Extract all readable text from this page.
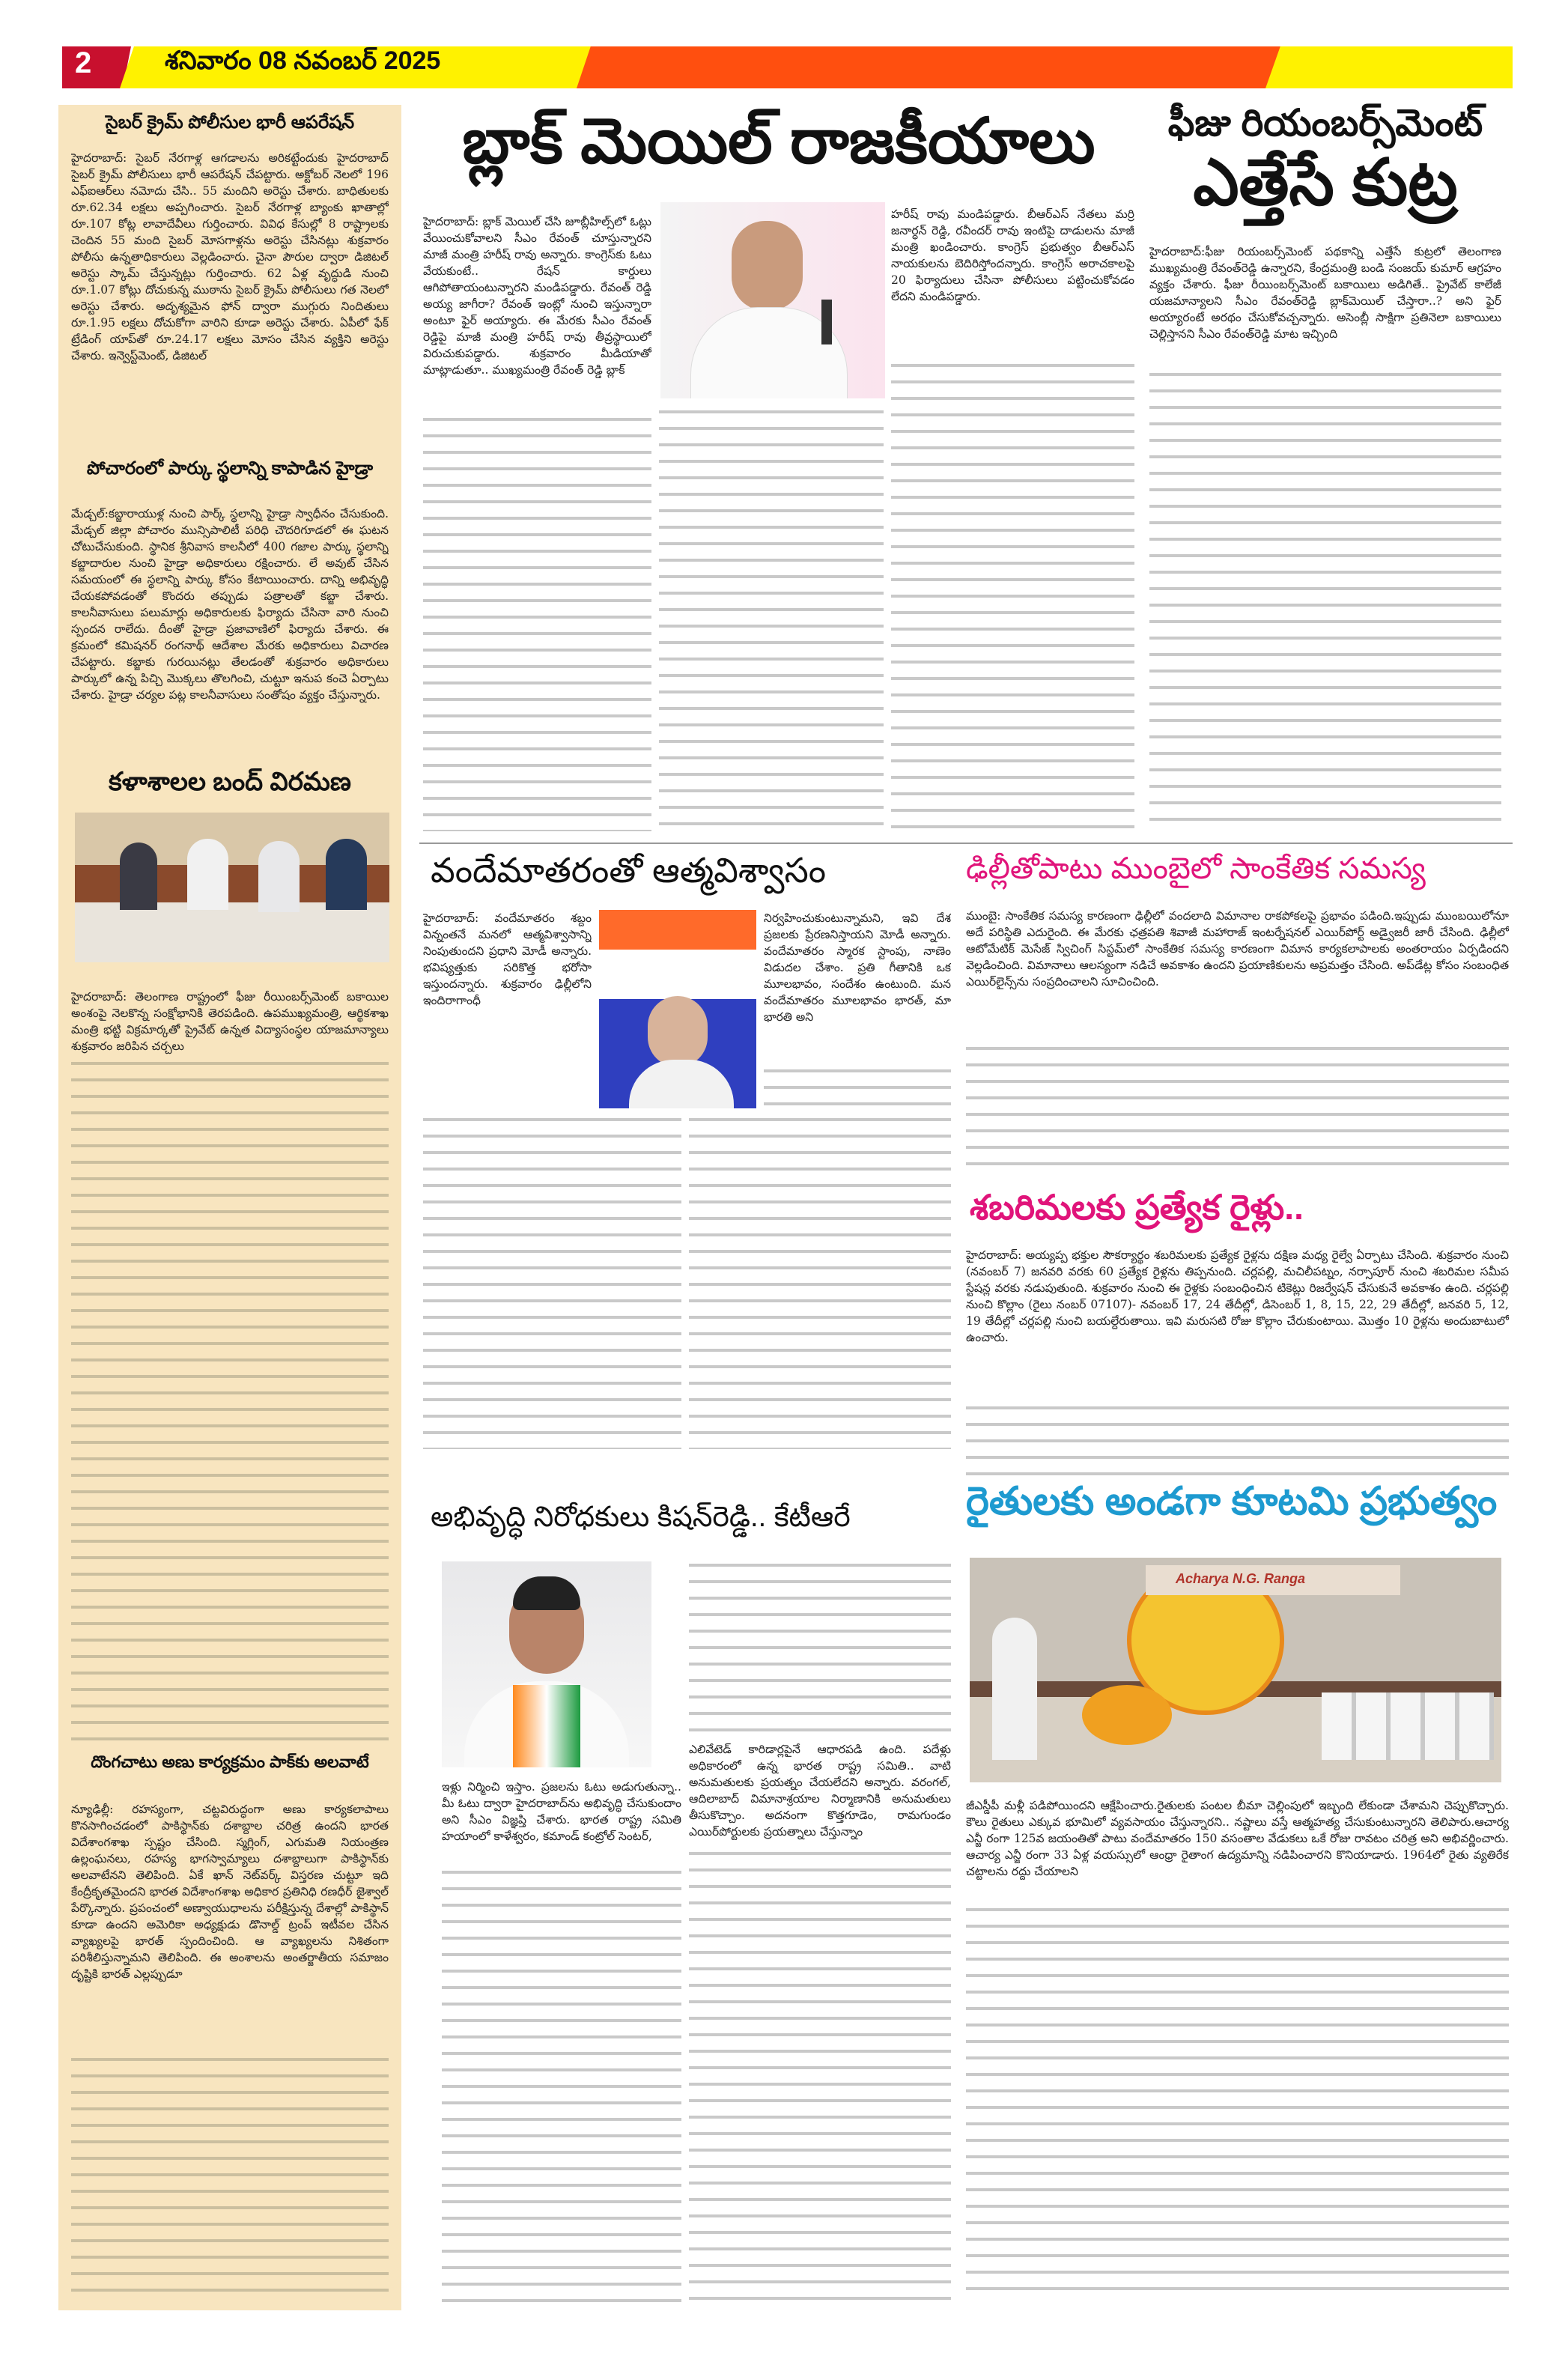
2	శనివారం 08 నవంబర్ 2025
సైబర్ క్రైమ్ పోలీసుల భారీ ఆపరేషన్
హైదరాబాద్: సైబర్ నేరగాళ్ల ఆగడాలను అరికట్టేందుకు హైదరాబాద్ సైబర్ క్రైమ్ పోలీసులు భారీ ఆపరేషన్ చేపట్టారు. అక్టోబర్ నెలలో 196 ఎఫ్ఐఆర్‌లు నమోదు చేసి.. 55 మందిని అరెస్టు చేశారు. బాధితులకు రూ.62.34 లక్షలు అప్పగించారు. సైబర్ నేరగాళ్ల బ్యాంకు ఖాతాల్లో రూ.107 కోట్ల లావాదేవీలు గుర్తించారు. వివిధ కేసుల్లో 8 రాష్ట్రాలకు చెందిన 55 మంది సైబర్ మోసగాళ్లను అరెస్టు చేసినట్లు శుక్రవారం పోలీసు ఉన్నతాధికారులు వెల్లడించారు. చైనా పౌరుల ద్వారా డిజిటల్ అరెస్టు స్కామ్ చేస్తున్నట్లు గుర్తించారు. 62 ఏళ్ల వృద్ధుడి నుంచి రూ.1.07 కోట్లు దోచుకున్న ముఠాను సైబర్ క్రైమ్ పోలీసులు గత నెలలో అరెస్టు చేశారు. అదృశ్యమైన ఫోన్ ద్వారా ముగ్గురు నిందితులు రూ.1.95 లక్షలు దోచుకోగా వారిని కూడా అరెస్టు చేశారు. ఏపీలో ఫేక్ ట్రేడింగ్ యాప్‌తో రూ.24.17 లక్షలు మోసం చేసిన వ్యక్తిని అరెస్టు చేశారు. ఇన్వెస్ట్‌మెంట్, డిజిటల్
పోచారంలో పార్కు స్థలాన్ని కాపాడిన హైడ్రా
మేడ్చల్:కబ్జారాయుళ్ల నుంచి పార్క్ స్థలాన్ని హైడ్రా స్వాధీనం చేసుకుంది. మేడ్చల్ జిల్లా పోచారం మున్సిపాలిటీ పరిధి చౌదరిగూడలో ఈ ఘటన చోటుచేసుకుంది. స్థానిక శ్రీనివాస కాలనీలో 400 గజాల పార్కు స్థలాన్ని కబ్జాదారుల నుంచి హైడ్రా అధికారులు రక్షించారు. లే అవుట్ చేసిన సమయంలో ఈ స్థలాన్ని పార్కు కోసం కేటాయించారు. దాన్ని అభివృద్ధి చేయకపోవడంతో కొందరు తప్పుడు పత్రాలతో కబ్జా చేశారు. కాలనీవాసులు పలుమార్లు అధికారులకు ఫిర్యాదు చేసినా వారి నుంచి స్పందన రాలేదు. దీంతో హైడ్రా ప్రజావాణిలో ఫిర్యాదు చేశారు. ఈ క్రమంలో కమిషనర్ రంగనాథ్ ఆదేశాల మేరకు అధికారులు విచారణ చేపట్టారు. కబ్జాకు గురయినట్లు తేలడంతో శుక్రవారం అధికారులు పార్కులో ఉన్న పిచ్చి మొక్కలు తొలగించి, చుట్టూ ఇనుప కంచె ఏర్పాటు చేశారు. హైడ్రా చర్యల పట్ల కాలనీవాసులు సంతోషం వ్యక్తం చేస్తున్నారు.
కళాశాలల బంద్ విరమణ
హైదరాబాద్: తెలంగాణ రాష్ట్రంలో ఫీజు రీయింబర్స్‌మెంట్ బకాయిల అంశంపై నెలకొన్న సంక్షోభానికి తెరపడింది. ఉపముఖ్యమంత్రి, ఆర్థికశాఖ మంత్రి భట్టి విక్రమార్కతో ప్రైవేట్ ఉన్నత విద్యాసంస్థల యాజమాన్యాలు శుక్రవారం జరిపిన చర్చలు
దొంగచాటు అణు కార్యక్రమం పాక్‌కు అలవాటే
న్యూఢిల్లీ: రహస్యంగా, చట్టవిరుద్ధంగా అణు కార్యకలాపాలు కొనసాగించడంలో పాకిస్థాన్‌కు దశాబ్దాల చరిత్ర ఉందని భారత విదేశాంగశాఖ స్పష్టం చేసింది. స్మగ్లింగ్, ఎగుమతి నియంత్రణ ఉల్లంఘనలు, రహస్య భాగస్వామ్యాలు దశాబ్దాలుగా పాకిస్థాన్‌కు అలవాటేనని తెలిపింది. ఏకే ఖాన్ నెట్‌వర్క్ విస్తరణ చుట్టూ ఇది కేంద్రీకృతమైందని భారత విదేశాంగశాఖ అధికార ప్రతినిధి రణధీర్ జైశ్వాల్ పేర్కొన్నారు. ప్రపంచంలో అణ్వాయుధాలను పరీక్షిస్తున్న దేశాల్లో పాకిస్థాన్ కూడా ఉందని అమెరికా అధ్యక్షుడు డొనాల్డ్ ట్రంప్ ఇటీవల చేసిన వ్యాఖ్యలపై భారత్ స్పందించింది. ఆ వ్యాఖ్యలను నిశితంగా పరిశీలిస్తున్నామని తెలిపింది. ఈ అంశాలను అంతర్జాతీయ సమాజం దృష్టికి భారత్ ఎల్లప్పుడూ
బ్లాక్ మెయిల్ రాజకీయాలు
హైదరాబాద్: బ్లాక్ మెయిల్ చేసి జూబ్లీహిల్స్‌లో ఓట్లు వేయించుకోవాలని సీఎం రేవంత్ చూస్తున్నారని మాజీ మంత్రి హరీష్ రావు అన్నారు. కాంగ్రెస్‌కు ఓటు వేయకుంటే.. రేషన్ కార్డులు ఆగిపోతాయంటున్నారని మండిపడ్డారు. రేవంత్ రెడ్డి అయ్య జాగీరా? రేవంత్ ఇంట్లో నుంచి ఇస్తున్నారా అంటూ ఫైర్ అయ్యారు. ఈ మేరకు సీఎం రేవంత్ రెడ్డిపై మాజీ మంత్రి హరీష్ రావు తీవ్రస్థాయిలో విరుచుకుపడ్డారు. శుక్రవారం మీడియాతో మాట్లాడుతూ.. ముఖ్యమంత్రి రేవంత్ రెడ్డి బ్లాక్
హరీష్ రావు మండిపడ్డారు. బీఆర్ఎస్ నేతలు మర్రి జనార్ధన్ రెడ్డి, రవీందర్ రావు ఇంటిపై దాడులను మాజీ మంత్రి ఖండించారు. కాంగ్రెస్ ప్రభుత్వం బీఆర్ఎస్ నాయకులను బెదిరిస్తోందన్నారు. కాంగ్రెస్ అరాచకాలపై 20 ఫిర్యాదులు చేసినా పోలీసులు పట్టించుకోవడం లేదని మండిపడ్డారు.
ఫీజు రియంబర్స్‌మెంట్
ఎత్తేసే కుట్ర
హైదరాబాద్:ఫీజు రియంబర్స్‌మెంట్ పథకాన్ని ఎత్తేసే కుట్రలో తెలంగాణ ముఖ్యమంత్రి రేవంత్‌రెడ్డి ఉన్నారని, కేంద్రమంత్రి బండి సంజయ్ కుమార్ ఆగ్రహం వ్యక్తం చేశారు. ఫీజు రీయింబర్స్‌మెంట్ బకాయిలు అడిగితే.. ప్రైవేట్ కాలేజీ యజమాన్యాలని సీఎం రేవంత్‌రెడ్డి బ్లాక్‌మెయిల్ చేస్తారా..? అని ఫైర్ అయ్యారంటే అరథం చేసుకోవచ్చన్నారు. అసెంబ్లీ సాక్షిగా ప్రతినెలా బకాయిలు చెల్లిస్తానని సీఎం రేవంత్‌రెడ్డి మాట ఇచ్చింది
వందేమాతరంతో ఆత్మవిశ్వాసం
హైదరాబాద్: వందేమాతరం శబ్దం విన్నంతనే మనలో ఆత్మవిశ్వాసాన్ని నింపుతుందని ప్రధాని మోడీ అన్నారు. భవిష్యత్తుకు సరికొత్త భరోసా ఇస్తుందన్నారు. శుక్రవారం ఢిల్లీలోని ఇందిరాగాంధీ
నిర్వహించుకుంటున్నామని, ఇవి దేశ ప్రజలకు ప్రేరణనిస్తాయని మోడీ అన్నారు. వందేమాతరం స్మారక స్టాంపు, నాణెం విడుదల చేశాం. ప్రతి గీతానికి ఒక మూలభావం, సందేశం ఉంటుంది. మన వందేమాతరం మూలభావం భారత్, మా భారతి అని
ఢిల్లీతోపాటు ముంబైలో సాంకేతిక సమస్య
ముంబై: సాంకేతిక సమస్య కారణంగా ఢిల్లీలో వందలాది విమానాల రాకపోకలపై ప్రభావం పడింది.ఇప్పుడు ముంబయిలోనూ అదే పరిస్థితి ఎదురైంది. ఈ మేరకు ఛత్రపతి శివాజీ మహారాజ్ ఇంటర్నేషనల్ ఎయిర్‌పోర్ట్ అడ్వైజరీ జారీ చేసింది. ఢిల్లీలో ఆటోమేటిక్ మెసేజ్ స్విచింగ్ సిస్టమ్‌లో సాంకేతిక సమస్య కారణంగా విమాన కార్యకలాపాలకు అంతరాయం ఏర్పడిందని వెల్లడించింది. విమానాలు ఆలస్యంగా నడిచే అవకాశం ఉందని ప్రయాణికులను అప్రమత్తం చేసింది. అప్‌డేట్ల కోసం సంబంధిత ఎయిర్‌లైన్స్‌ను సంప్రదించాలని సూచించింది.
శబరిమలకు ప్రత్యేక రైళ్లు..
హైదరాబాద్: అయ్యప్ప భక్తుల సౌకర్యార్థం శబరిమలకు ప్రత్యేక రైళ్లను దక్షిణ మధ్య రైల్వే ఏర్పాటు చేసింది. శుక్రవారం నుంచి (నవంబర్ 7) జనవరి వరకు 60 ప్రత్యేక రైళ్లను తిప్పనుంది. చర్లపల్లి, మచిలీపట్నం, నర్సాపూర్ నుంచి శబరిమల సమీప స్టేషన్ల వరకు నడుపుతుంది. శుక్రవారం నుంచి ఈ రైళ్లకు సంబంధించిన టికెట్లు రిజర్వేషన్ చేసుకునే అవకాశం ఉంది. చర్లపల్లి నుంచి కొల్లాం (రైలు నంబర్ 07107)- నవంబర్ 17, 24 తేదీల్లో, డిసెంబర్ 1, 8, 15, 22, 29 తేదీల్లో, జనవరి 5, 12, 19 తేదీల్లో చర్లపల్లి నుంచి బయల్దేరుతాయి. ఇవి మరుసటి రోజు కొల్లాం చేరుకుంటాయి. మొత్తం 10 రైళ్లను అందుబాటులో ఉంచారు.
అభివృద్ధి నిరోధకులు కిషన్‌రెడ్డి.. కేటీఆరే
ఇళ్లు నిర్మించి ఇస్తాం. ప్రజలను ఓటు అడుగుతున్నా.. మీ ఓటు ద్వారా హైదరాబాద్‌ను అభివృద్ధి చేసుకుందాం అని సీఎం విజ్ఞప్తి చేశారు. భారత రాష్ట్ర సమితి హయాంలో కాళేశ్వరం, కమాండ్ కంట్రోల్ సెంటర్,
ఎలివేటెడ్ కారిడార్లపైనే ఆధారపడి ఉంది. పదేళ్లు అధికారంలో ఉన్న భారత రాష్ట్ర సమితి.. వాటి అనుమతులకు ప్రయత్నం చేయలేదని అన్నారు. వరంగల్, ఆదిలాబాద్ విమానాశ్రయాల నిర్మాణానికి అనుమతులు తీసుకొచ్చాం. అదనంగా కొత్తగూడెం, రామగుండం ఎయిర్‌పోర్టులకు ప్రయత్నాలు చేస్తున్నాం
రైతులకు అండగా కూటమి ప్రభుత్వం
Acharya N.G. Ranga
జీఎస్డీపీ మళ్లీ పడిపోయిందని ఆక్షేపించారు.రైతులకు పంటల బీమా చెల్లింపులో ఇబ్బంది లేకుండా చేశామని చెప్పుకొచ్చారు. కౌలు రైతులు ఎక్కువ భూమిలో వ్యవసాయం చేస్తున్నారని.. నష్టాలు వస్తే ఆత్మహత్య చేసుకుంటున్నారని తెలిపారు.ఆచార్య ఎన్జీ రంగా 125వ జయంతితో పాటు వందేమాతరం 150 వసంతాల వేడుకలు ఒకే రోజు రావటం చరిత్ర అని అభివర్ణించారు. ఆచార్య ఎన్జీ రంగా 33 ఏళ్ల వయస్సులో ఆంధ్రా రైతాంగ ఉద్యమాన్ని నడిపించారని కొనియాడారు. 1964లో రైతు వ్యతిరేక చట్టాలను రద్దు చేయాలని
